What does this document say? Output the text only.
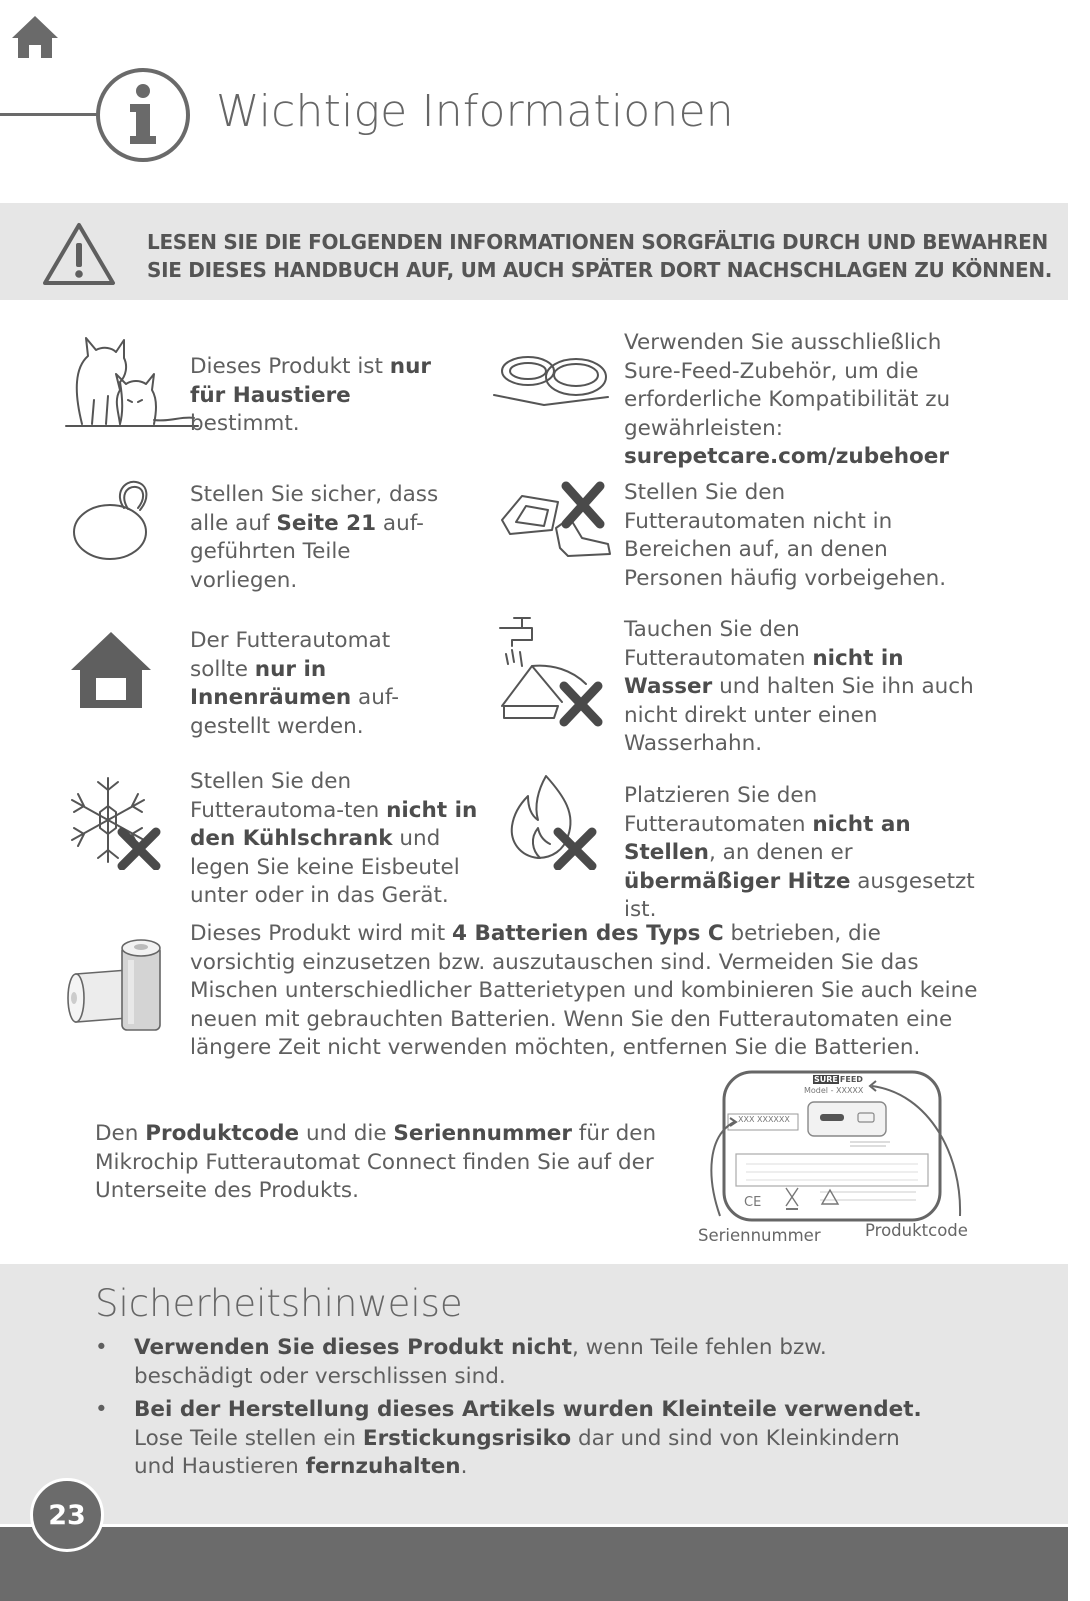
Wichtige Informationen
LESEN SIE DIE FOLGENDEN INFORMATIONEN SORGFÄLTIG DURCH UND BEWAHREN
SIE DIESES HANDBUCH AUF, UM AUCH SPÄTER DORT NACHSCHLAGEN ZU KÖNNEN.
Dieses Produkt ist nur für Haustiere bestimmt.
Verwenden Sie ausschließlich Sure-Feed-Zubehör, um die erforderliche Kompatibilität zu gewährleisten: surepetcare.com/zubehoer
Stellen Sie sicher, dass alle auf Seite 21 auf-geführten Teile vorliegen.
Stellen Sie den Futterautomaten nicht in Bereichen auf, an denen Personen häufig vorbeigehen.
Der Futterautomat sollte nur in Innenräumen auf-gestellt werden.
Tauchen Sie den Futterautomaten nicht in Wasser und halten Sie ihn auch nicht direkt unter einen Wasserhahn.
Stellen Sie den Futterautoma-ten nicht in den Kühlschrank und legen Sie keine Eisbeutel unter oder in das Gerät.
Platzieren Sie den Futterautomaten nicht an Stellen, an denen er übermäßiger Hitze ausgesetzt ist.
Dieses Produkt wird mit 4 Batterien des Typs C betrieben, die vorsichtig einzusetzen bzw. auszutauschen sind. Vermeiden Sie das Mischen unterschiedlicher Batterietypen und kombinieren Sie auch keine neuen mit gebrauchten Batterien. Wenn Sie den Futterautomaten eine längere Zeit nicht verwenden möchten, entfernen Sie die Batterien.
Den Produktcode und die Seriennummer für den Mikrochip Futterautomat Connect finden Sie auf der Unterseite des Produkts.	CE
SURE FEED
Model - XXXXX
XXX XXXXXX
Seriennummer	Produktcode
Sicherheitshinweise
•	Verwenden Sie dieses Produkt nicht, wenn Teile fehlen bzw. beschädigt oder verschlissen sind.
•	Bei der Herstellung dieses Artikels wurden Kleinteile verwendet. Lose Teile stellen ein Erstickungsrisiko dar und sind von Kleinkindern und Haustieren fernzuhalten.
23
